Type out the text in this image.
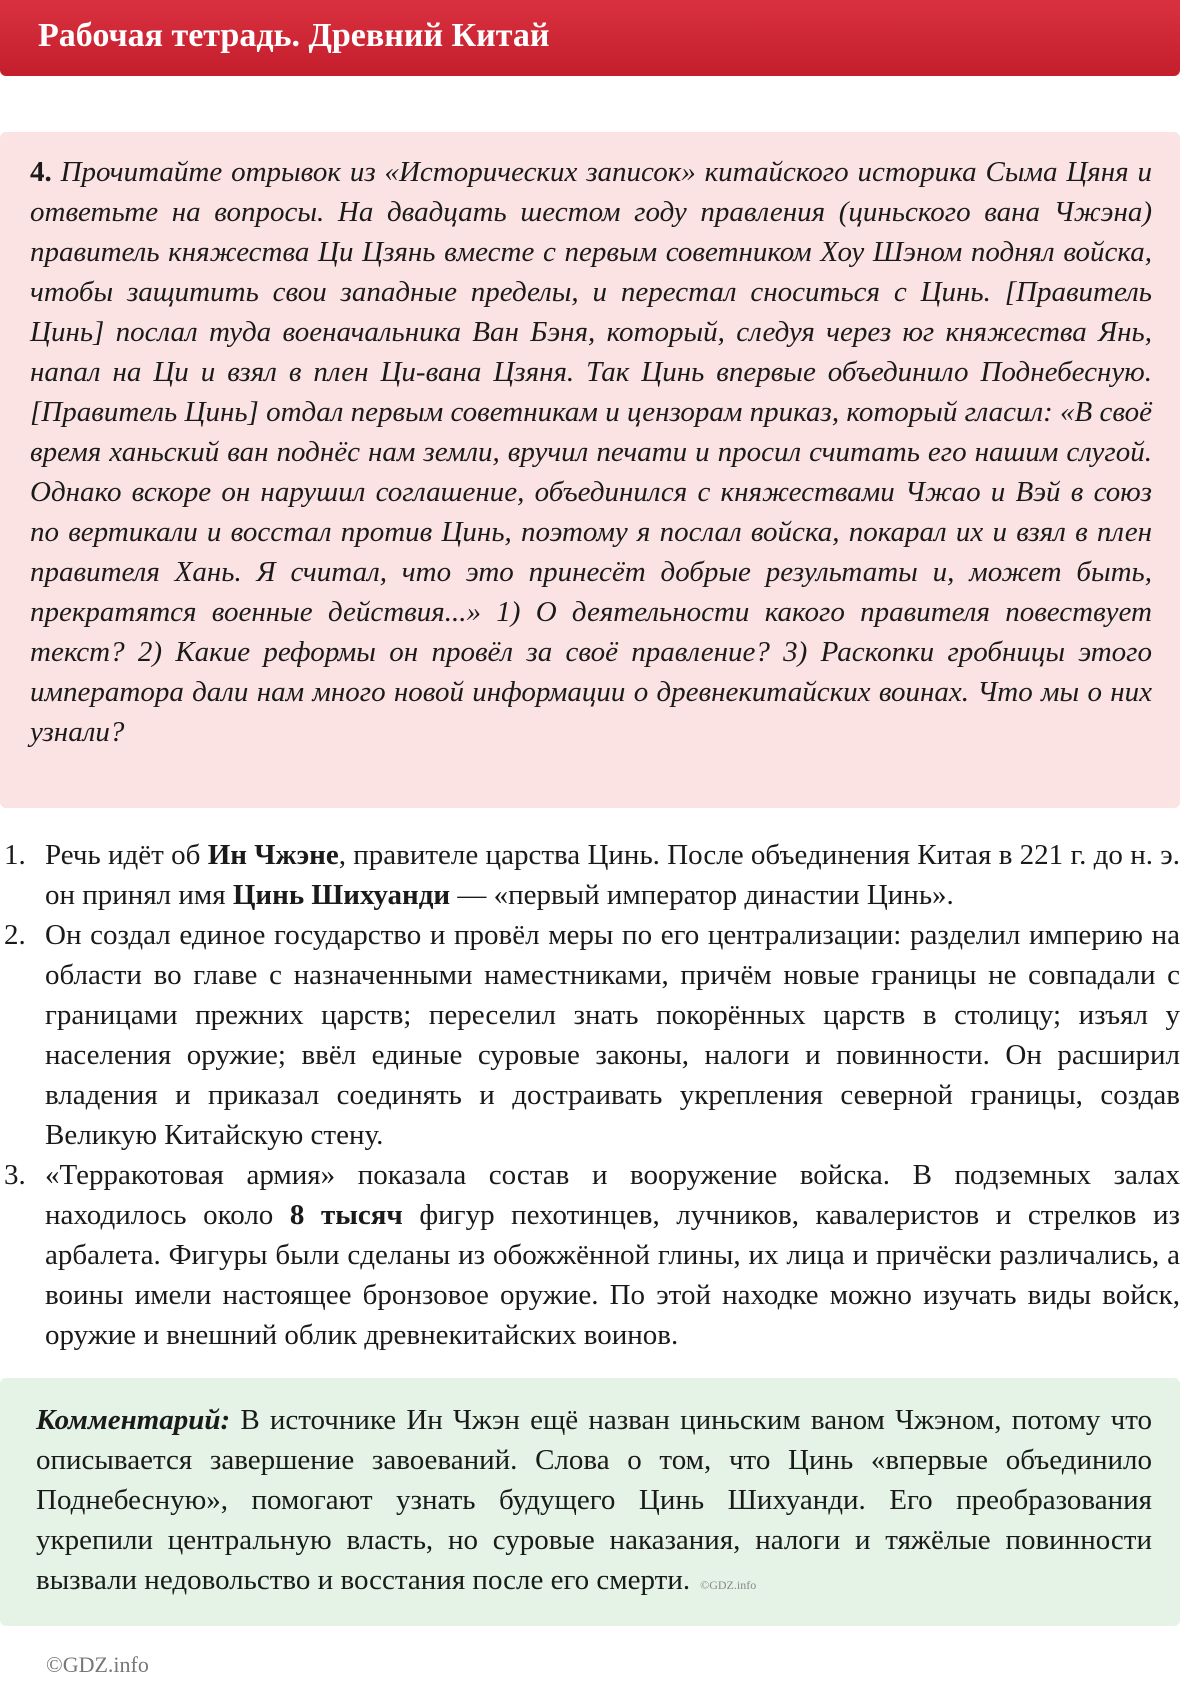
Рабочая тетрадь. Древний Китай

4. Прочитайте отрывок из «Исторических записок» китайского историка Сыма Цяня и ответьте на вопросы. На двадцать шестом году правления (циньского вана Чжэна) правитель княжества Ци Цзянь вместе с первым советником Хоу Шэном поднял войска, чтобы защитить свои западные пределы, и перестал сноситься с Цинь. [Правитель Цинь] послал туда военачальника Ван Бэня, который, следуя через юг княжества Янь, напал на Ци и взял в плен Ци-вана Цзяня. Так Цинь впервые объединило Поднебесную. [Правитель Цинь] отдал первым советникам и цензорам приказ, который гласил: «В своё время ханьский ван поднёс нам земли, вручил печати и просил считать его нашим слугой. Однако вскоре он нарушил соглашение, объединился с княжествами Чжао и Вэй в союз по вертикали и восстал против Цинь, поэтому я послал войска, покарал их и взял в плен правителя Хань. Я считал, что это принесёт добрые результаты и, может быть, прекратятся военные действия...» 1) О деятельности какого правителя повествует текст? 2) Какие реформы он провёл за своё правление? 3) Раскопки гробницы этого императора дали нам много новой информации о древнекитайских воинах. Что мы о них узнали?

1. Речь идёт об Ин Чжэне, правителе царства Цинь. После объединения Китая в 221 г. до н. э. он принял имя Цинь Шихуанди — «первый император династии Цинь».
2. Он создал единое государство и провёл меры по его централизации: разделил империю на области во главе с назначенными наместниками, причём новые границы не совпадали с границами прежних царств; переселил знать покорённых царств в столицу; изъял у населения оружие; ввёл единые суровые законы, налоги и повинности. Он расширил владения и приказал соединять и достраивать укрепления северной границы, создав Великую Китайскую стену.
3. «Терракотовая армия» показала состав и вооружение войска. В подземных залах находилось около 8 тысяч фигур пехотинцев, лучников, кавалеристов и стрелков из арбалета. Фигуры были сделаны из обожжённой глины, их лица и причёски различались, а воины имели настоящее бронзовое оружие. По этой находке можно изучать виды войск, оружие и внешний облик древнекитайских воинов.

Комментарий: В источнике Ин Чжэн ещё назван циньским ваном Чжэном, потому что описывается завершение завоеваний. Слова о том, что Цинь «впервые объединило Поднебесную», помогают узнать будущего Цинь Шихуанди. Его преобразования укрепили центральную власть, но суровые наказания, налоги и тяжёлые повинности вызвали недовольство и восстания после его смерти. ©GDZ.info

©GDZ.info
